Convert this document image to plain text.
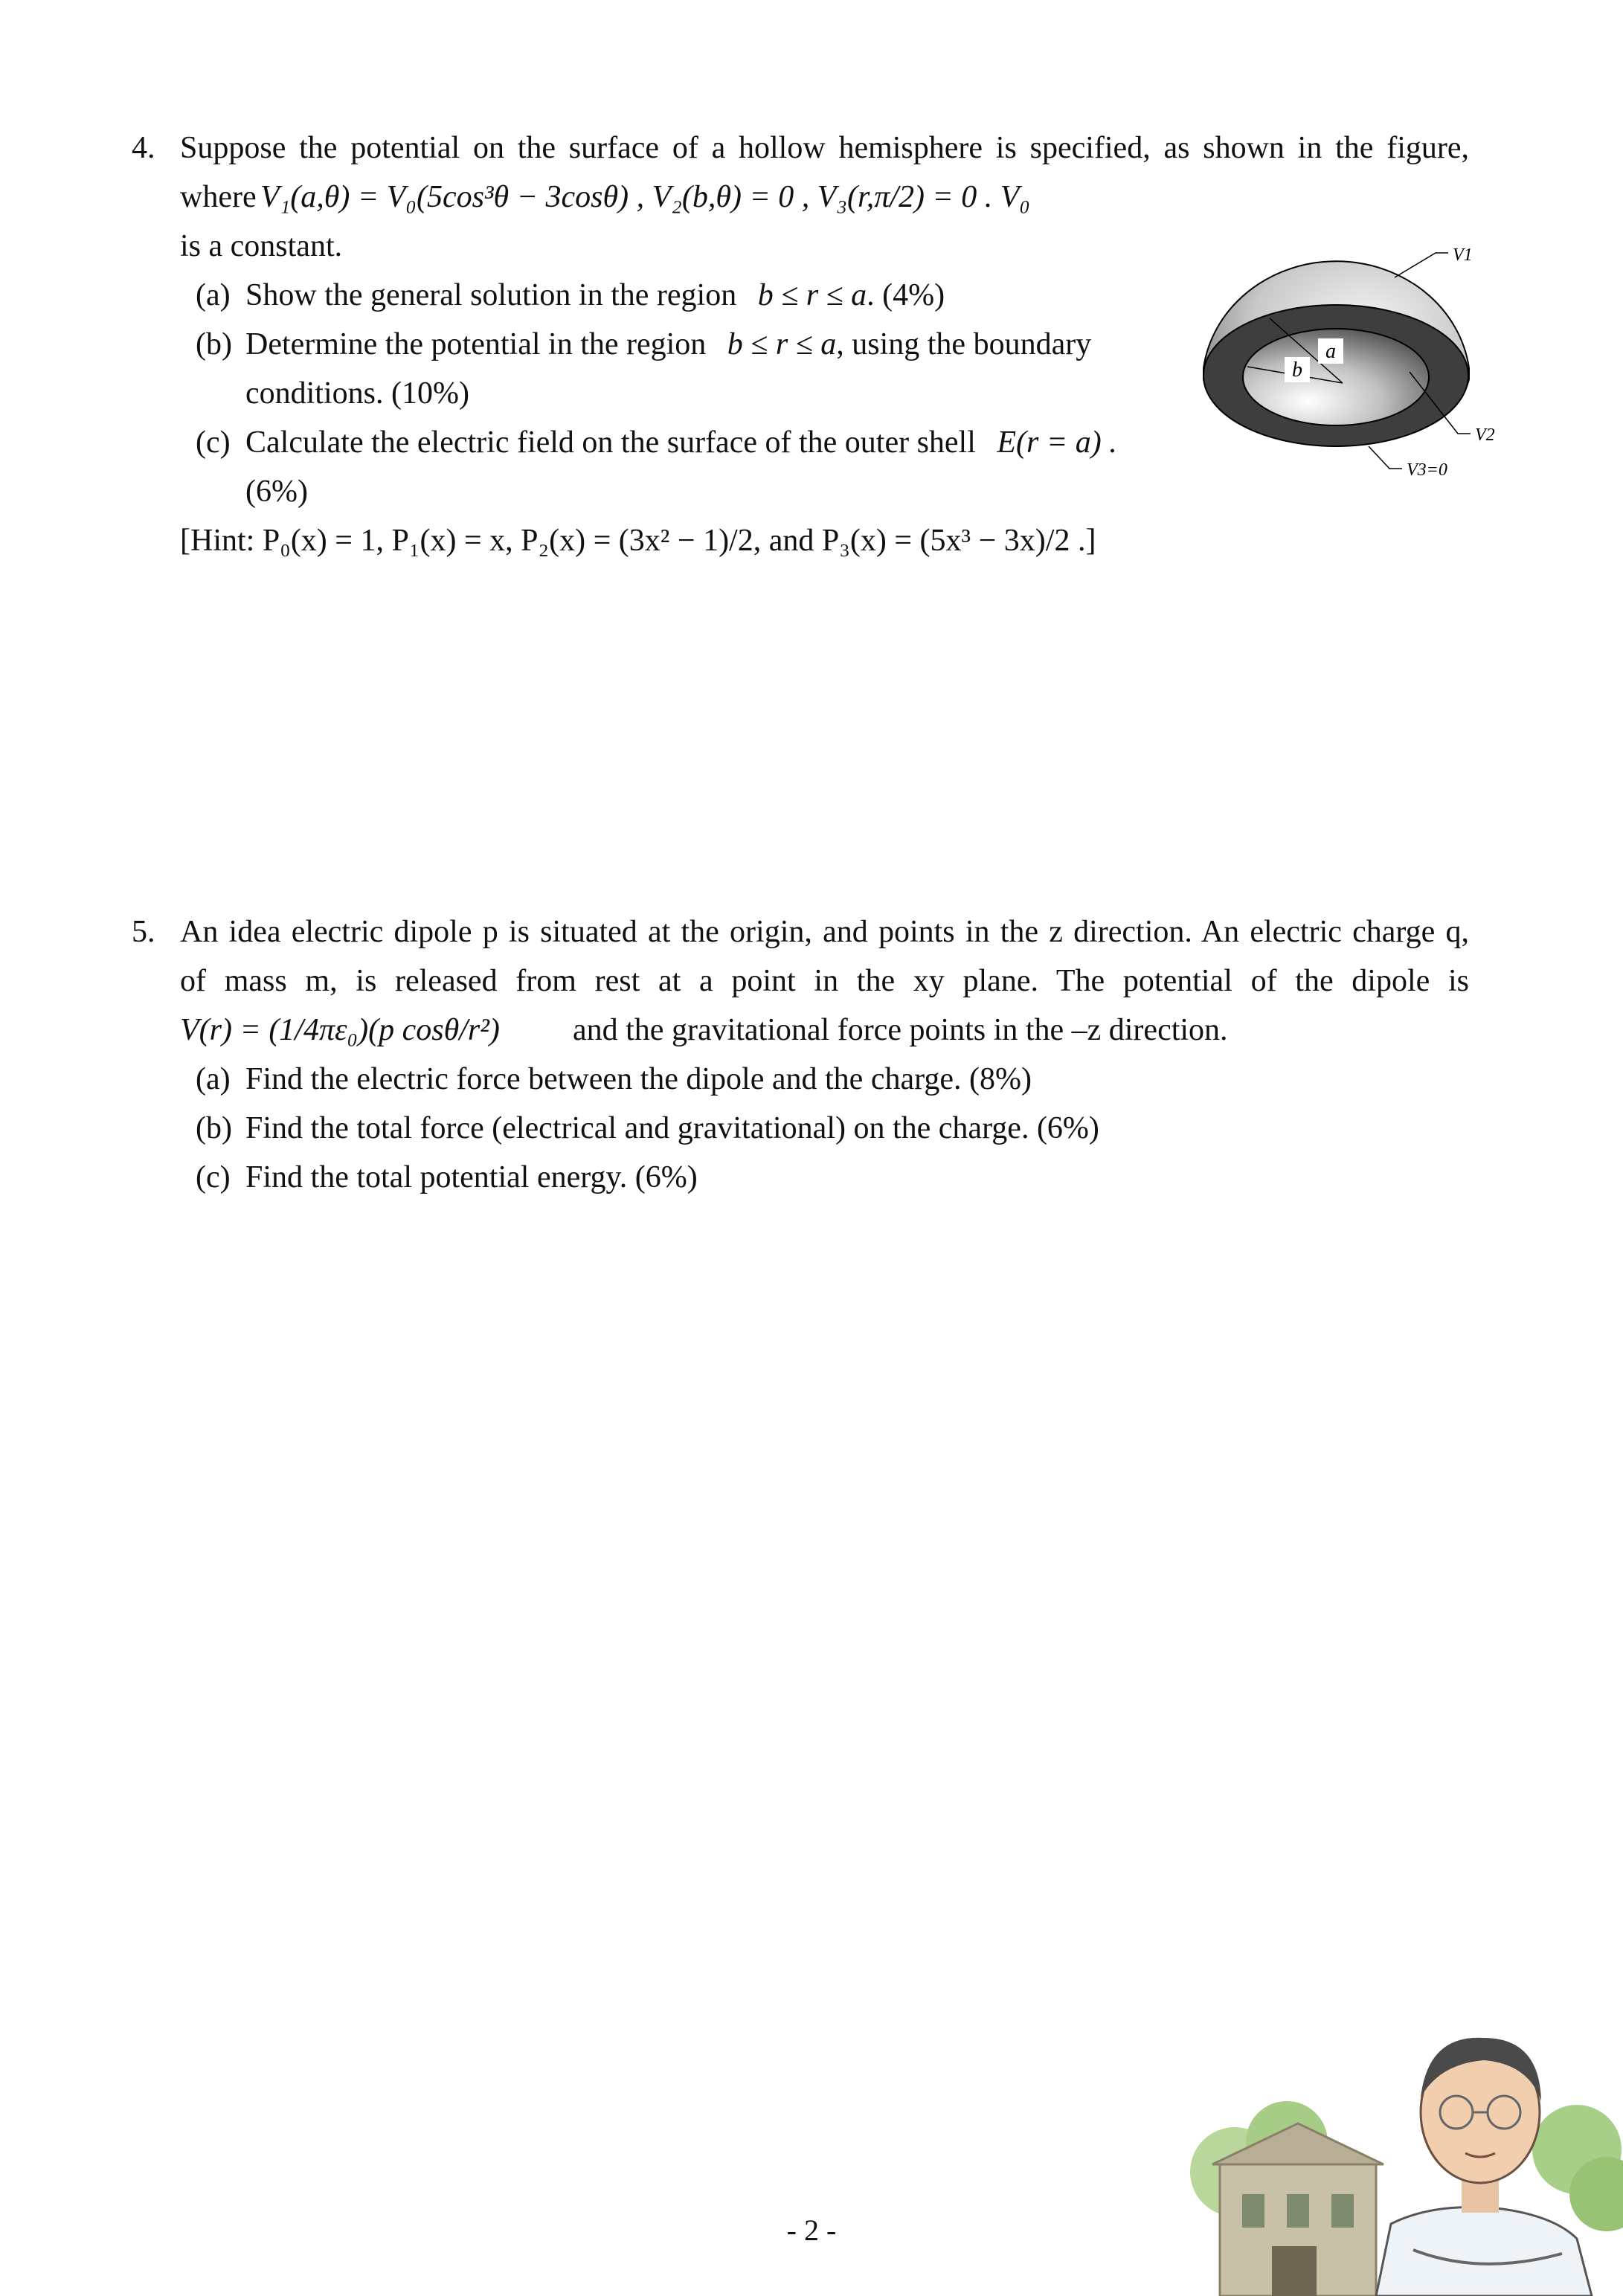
4. Suppose the potential on the surface of a hollow hemisphere is specified, as shown in the figure,
where V₁(a,θ) = V₀(5cos³θ − 3cosθ) , V₂(b,θ) = 0 , V₃(r,π/2) = 0 . V₀
is a constant.
(a) Show the general solution in the region b ≤ r ≤ a. (4%)
(b) Determine the potential in the region b ≤ r ≤ a, using the boundary
conditions. (10%)
(c) Calculate the electric field on the surface of the outer shell E(r = a) .
(6%)
[Hint: P₀(x) = 1, P₁(x) = x, P₂(x) = (3x² − 1)/2, and P₃(x) = (5x³ − 3x)/2 .]
a
b
V1
V2
V3=0
5. An idea electric dipole p is situated at the origin, and points in the z direction. An electric charge q,
of mass m, is released from rest at a point in the xy plane. The potential of the dipole is
V(r) = (1/4πε₀)(p cosθ/r²) and the gravitational force points in the –z direction.
(a) Find the electric force between the dipole and the charge. (8%)
(b) Find the total force (electrical and gravitational) on the charge. (6%)
(c) Find the total potential energy. (6%)
- 2 -
